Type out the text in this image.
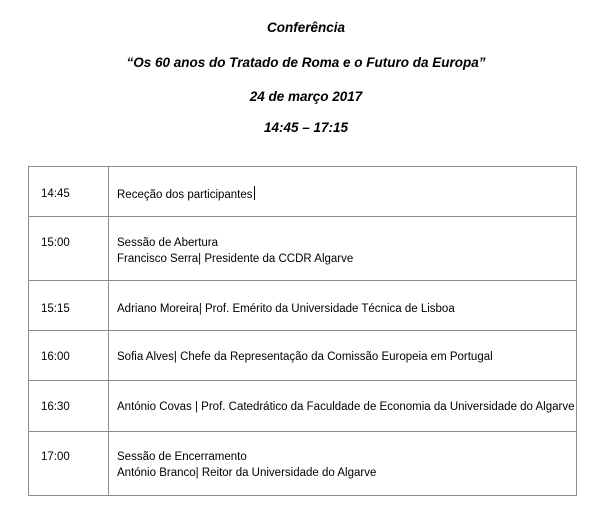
Conferência
“Os 60 anos do Tratado de Roma e o Futuro da Europa”
24 de março 2017
14:45 – 17:15
14:45	Receção dos participantes
15:00	Sessão de Abertura
Francisco Serra| Presidente da CCDR Algarve
15:15	Adriano Moreira| Prof. Emérito da Universidade Técnica de Lisboa
16:00	Sofia Alves| Chefe da Representação da Comissão Europeia em Portugal
16:30	António Covas | Prof. Catedrático da Faculdade de Economia da Universidade do Algarve
17:00	Sessão de Encerramento
António Branco| Reitor da Universidade do Algarve
